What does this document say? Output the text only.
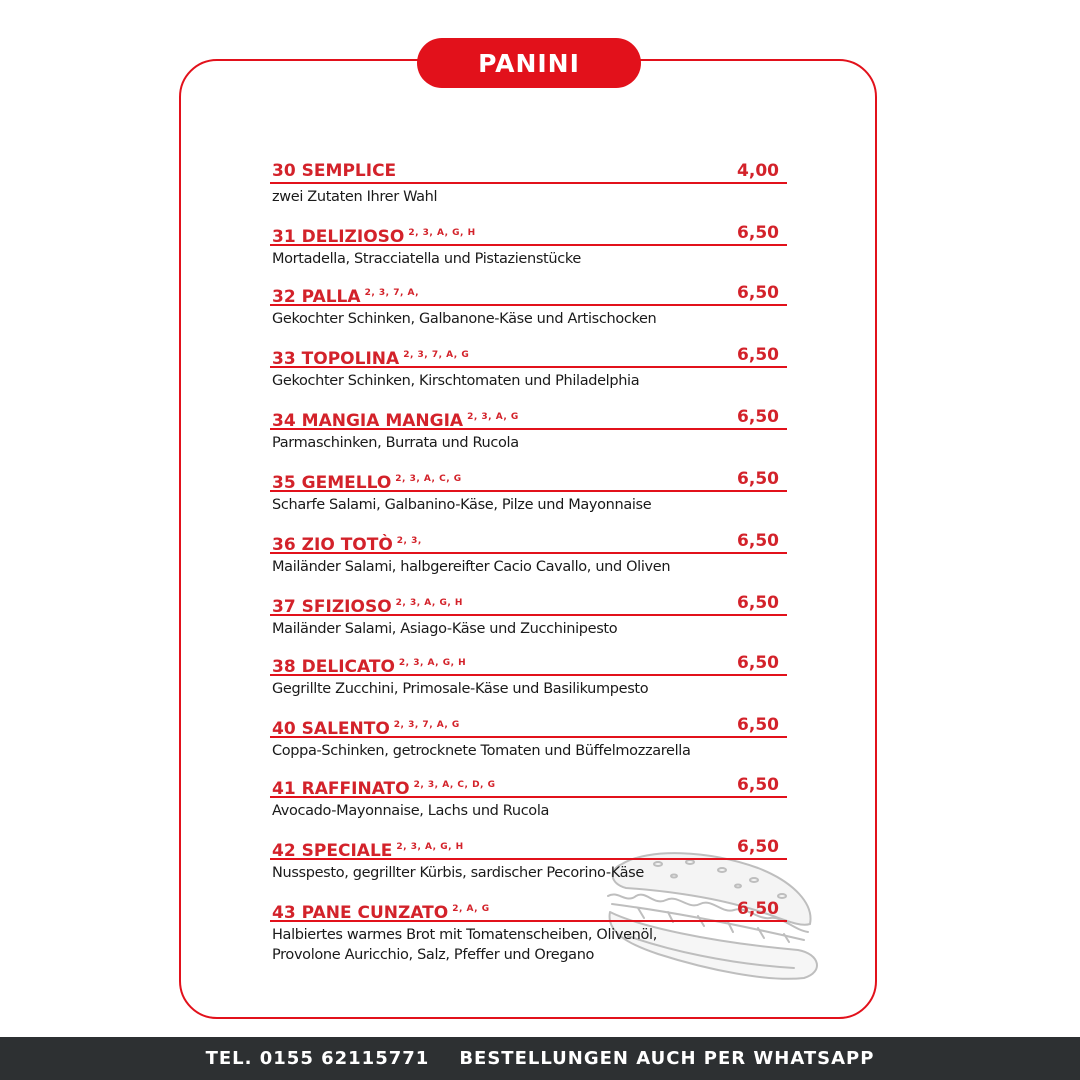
PANINI
30 SEMPLICE	4,00
zwei Zutaten Ihrer Wahl
31 DELIZIOSO $^{2, 3, A, G, H}$	6,50
Mortadella, Stracciatella und Pistazienstücke
32 PALLA $^{2, 3, 7, A,}$	6,50
Gekochter Schinken, Galbanone-Käse und Artischocken
33 TOPOLINA $^{2, 3, 7, A, G}$	6,50
Gekochter Schinken, Kirschtomaten und Philadelphia
34 MANGIA MANGIA $^{2, 3, A, G}$	6,50
Parmaschinken, Burrata und Rucola
35 GEMELLO $^{2, 3, A, C, G}$	6,50
Scharfe Salami, Galbanino-Käse, Pilze und Mayonnaise
36 ZIO TOTÒ $^{2, 3,}$	6,50
Mailänder Salami, halbgereifter Cacio Cavallo, und Oliven
37 SFIZIOSO $^{2, 3, A, G, H}$	6,50
Mailänder Salami, Asiago-Käse und Zucchinipesto
38 DELICATO $^{2, 3, A, G, H}$	6,50
Gegrillte Zucchini, Primosale-Käse und Basilikumpesto
40 SALENTO $^{2, 3, 7, A, G}$	6,50
Coppa-Schinken, getrocknete Tomaten und Büffelmozzarella
41 RAFFINATO $^{2, 3, A, C, D, G}$	6,50
Avocado-Mayonnaise, Lachs und Rucola
42 SPECIALE $^{2, 3, A, G, H}$	6,50
Nusspesto, gegrillter Kürbis, sardischer Pecorino-Käse
43 PANE CUNZATO $^{2, A, G}$	6,50
Halbiertes warmes Brot mit Tomatenscheiben, Olivenöl,
Provolone Auricchio, Salz, Pfeffer und Oregano
TEL. 0155 62115771 BESTELLUNGEN AUCH PER WHATSAPP
